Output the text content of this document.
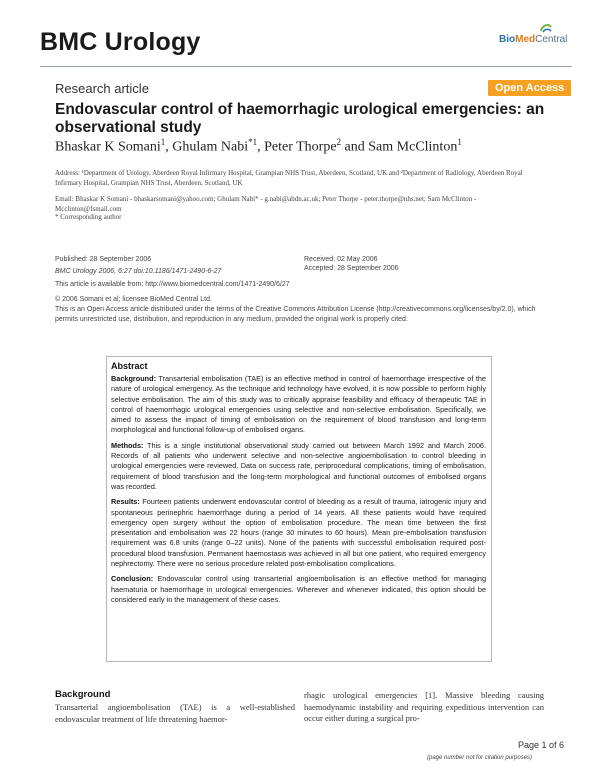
BMC Urology	BioMedCentral
Research article	Open Access
Endovascular control of haemorrhagic urological emergencies: an observational study
Bhaskar K Somani$^1$, Ghulam Nabi$^{*1}$, Peter Thorpe$^2$ and Sam McClinton$^1$
Address: ¹Department of Urology, Aberdeen Royal Infirmary Hospital, Grampian NHS Trust, Aberdeen, Scotland, UK and ²Department of Radiology, Aberdeen Royal Infirmary Hospital, Grampian NHS Trust, Aberdeen, Scotland, UK
Email: Bhaskar K Somani - bhaskarsomani@yahoo.com; Ghulam Nabi* - g.nabi@abdn.ac.uk; Peter Thorpe - peter.thorpe@nhs.net; Sam McClinton - Mcclinton@fsmail.com
* Corresponding author
Published: 28 September 2006	Received: 02 May 2006
BMC Urology 2006, 6:27 doi:10.1186/1471-2490-6-27	Accepted: 28 September 2006
This article is available from: http://www.biomedcentral.com/1471-2490/6/27
© 2006 Somani et al; licensee BioMed Central Ltd.
This is an Open Access article distributed under the terms of the Creative Commons Attribution License (http://creativecommons.org/licenses/by/2.0), which permits unrestricted use, distribution, and reproduction in any medium, provided the original work is properly cited.
Abstract

Background: Transarterial embolisation (TAE) is an effective method in control of haemorrhage irrespective of the nature of urological emergency. As the technique and technology have evolved, it is now possible to perform highly selective embolisation. The aim of this study was to critically appraise feasibility and efficacy of therapeutic TAE in control of haemorrhagic urological emergencies using selective and non-selective embolisation. Specifically, we aimed to assess the impact of timing of embolisation on the requirement of blood transfusion and long-term morphological and functional follow-up of embolised organs.

Methods: This is a single institutional observational study carried out between March 1992 and March 2006. Records of all patients who underwent selective and non-selective angioembolisation to control bleeding in urological emergencies were reviewed. Data on success rate, periprocedural complications, timing of embolisation, requirement of blood transfusion and the long-term morphological and functional outcomes of embolised organs was recorded.

Results: Fourteen patients underwent endovascular control of bleeding as a result of trauma, iatrogenic injury and spontaneous perinephric haemorrhage during a period of 14 years. All these patients would have required emergency open surgery without the option of embolisation procedure. The mean time between the first presentation and embolisation was 22 hours (range 30 minutes to 60 hours). Mean pre-embolisation transfusion requirement was 6.8 units (range 0–22 units). None of the patients with successful embolisation required post-procedural blood transfusion. Permanent haemostasis was achieved in all but one patient, who required emergency nephrectomy. There were no serious procedure related post-embolisation complications.

Conclusion: Endovascular control using transarterial angioembolisation is an effective method for managing haematuria or haemorrhage in urological emergencies. Wherever and whenever indicated, this option should be considered early in the management of these cases.

Background
Transarterial angioembolisation (TAE) is a well-established endovascular treatment of life threatening haemor-
rhagic urological emergencies [1]. Massive bleeding causing haemodynamic instability and requiring expeditious intervention can occur either during a surgical pro-
Page 1 of 6
(page number not for citation purposes)
